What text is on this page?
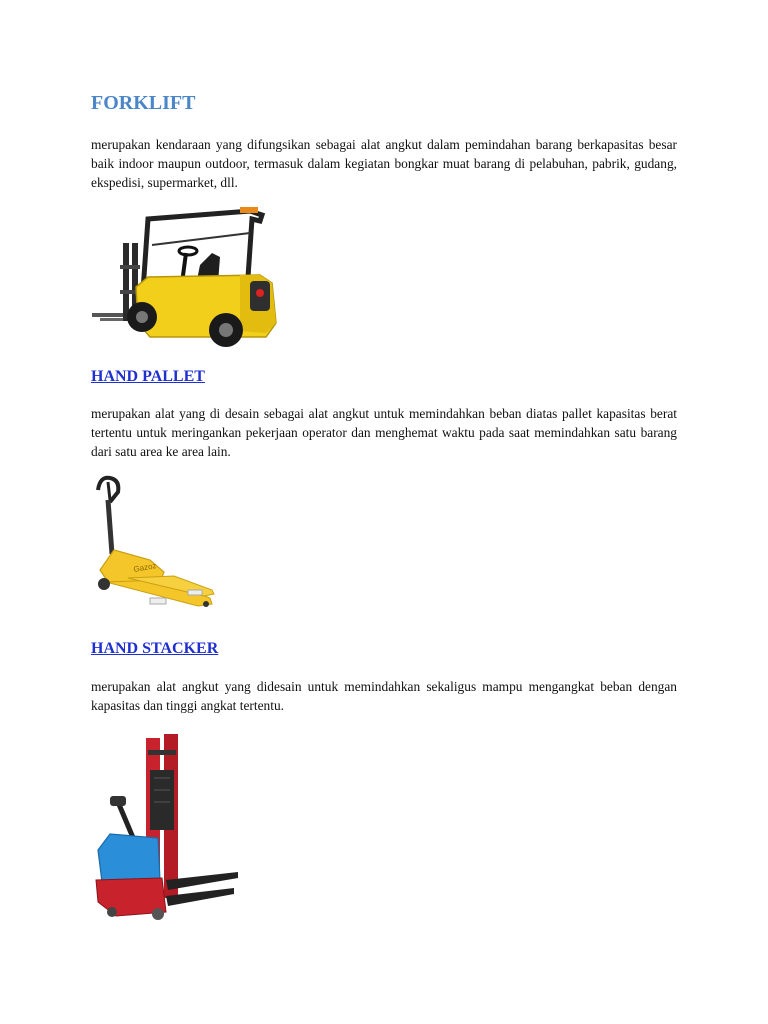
FORKLIFT

merupakan kendaraan yang difungsikan sebagai alat angkut dalam pemindahan barang berkapasitas besar baik indoor maupun outdoor, termasuk dalam kegiatan bongkar muat barang di pelabuhan, pabrik, gudang, ekspedisi, supermarket, dll.

HAND PALLET

merupakan alat yang di desain sebagai alat angkut untuk memindahkan beban diatas pallet kapasitas berat tertentu untuk meringankan pekerjaan operator dan menghemat waktu pada saat memindahkan satu barang dari satu area ke area lain.

Gazoz
HAND STACKER

merupakan alat angkut yang didesain untuk memindahkan sekaligus mampu mengangkat beban dengan kapasitas dan tinggi angkat tertentu.
